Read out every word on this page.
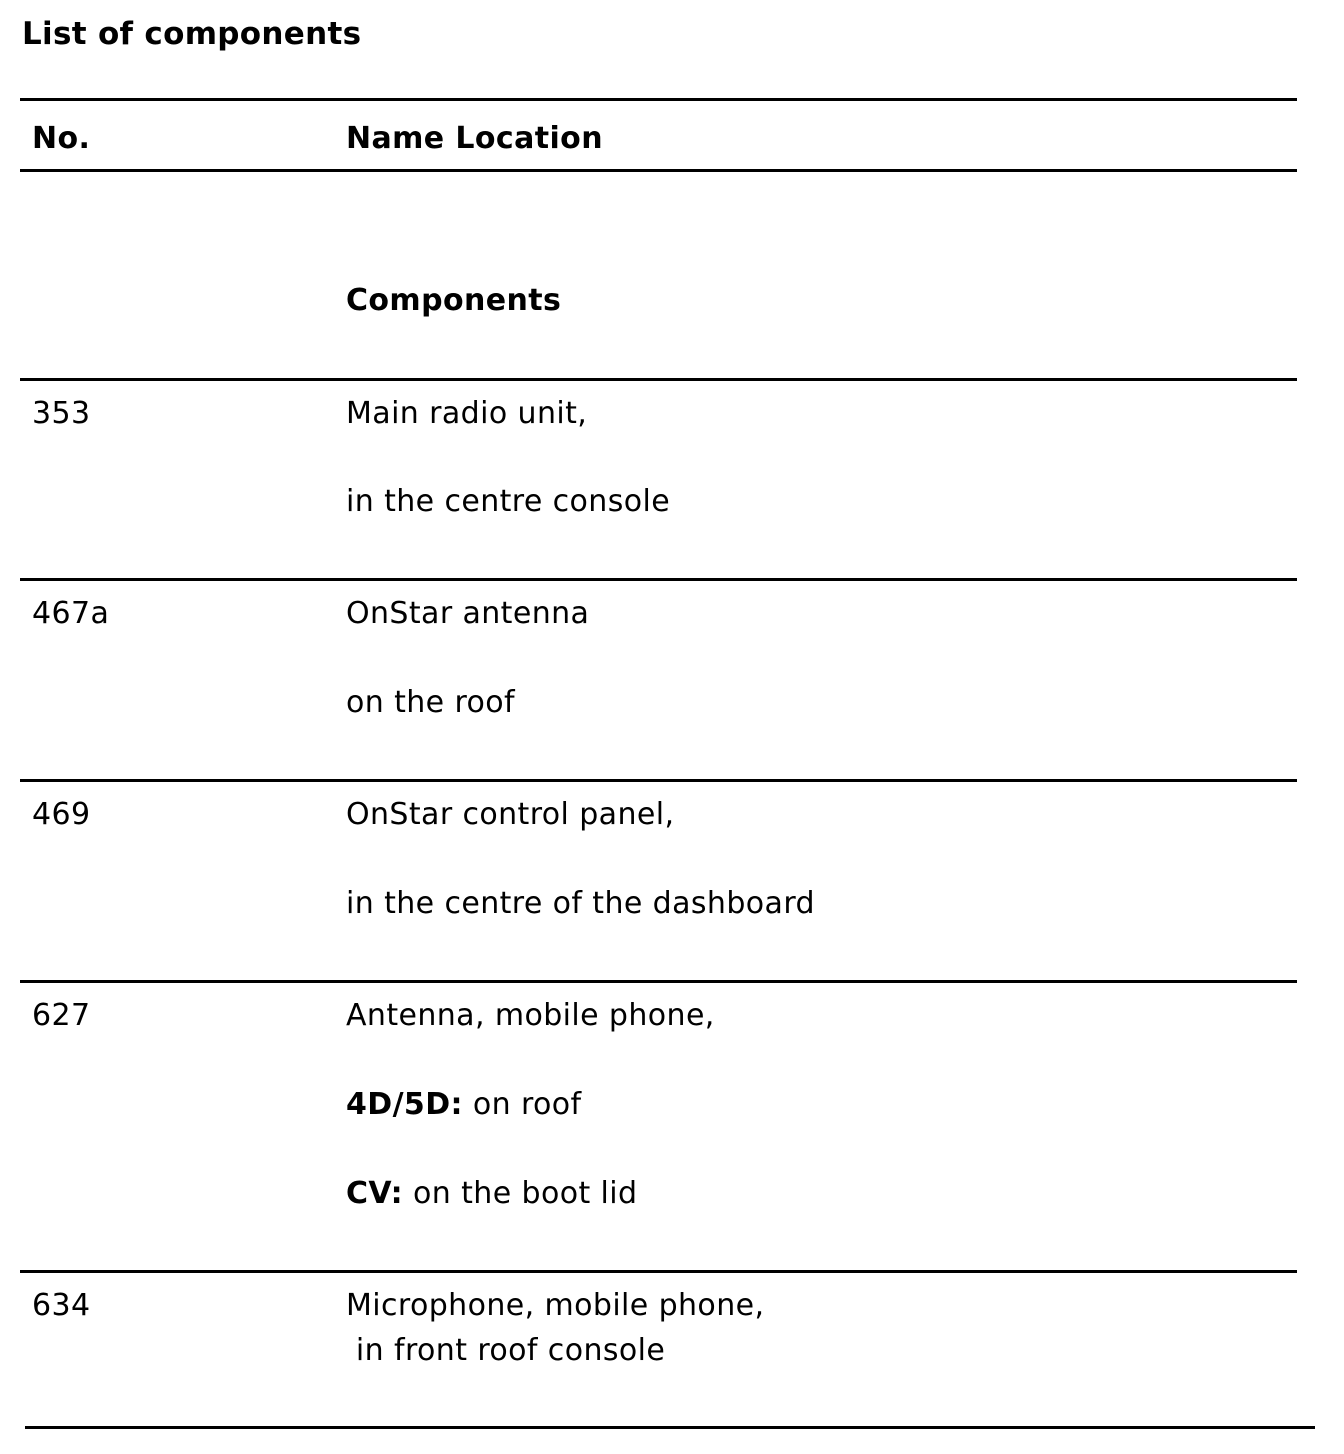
List of components
No.	Name Location
Components
353	Main radio unit,
in the centre console
467a	OnStar antenna
on the roof
469	OnStar control panel,
in the centre of the dashboard
627	Antenna, mobile phone,
4D/5D: on roof
CV: on the boot lid
634	Microphone, mobile phone,
in front roof console
